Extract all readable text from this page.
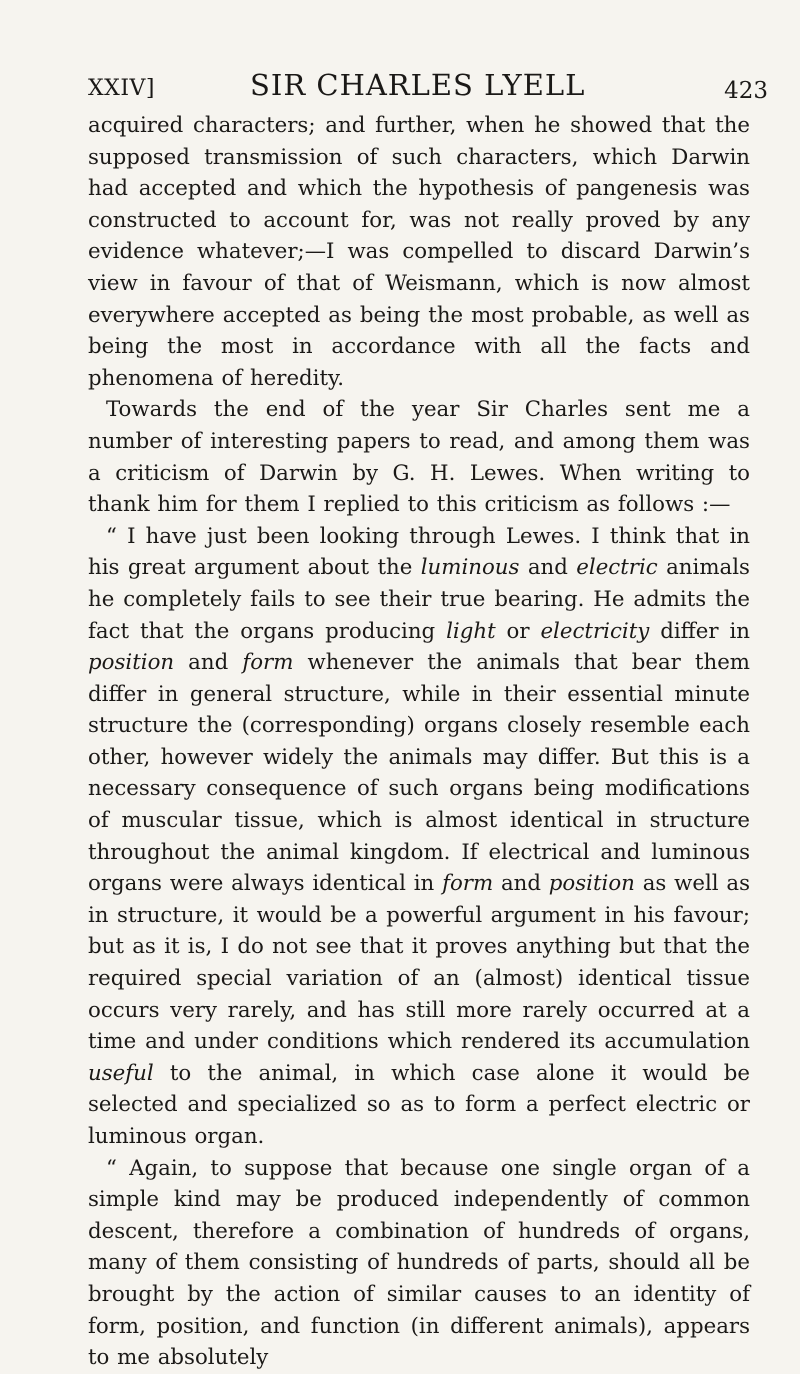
XXIV]	SIR CHARLES LYELL	423

acquired characters; and further, when he showed that the supposed transmission of such characters, which Darwin had accepted and which the hypothesis of pangenesis was constructed to account for, was not really proved by any evidence whatever;—I was compelled to discard Darwin’s view in favour of that of Weismann, which is now almost everywhere accepted as being the most probable, as well as being the most in accordance with all the facts and phenomena of heredity.

Towards the end of the year Sir Charles sent me a number of interesting papers to read, and among them was a criticism of Darwin by G. H. Lewes. When writing to thank him for them I replied to this criticism as follows :—

“ I have just been looking through Lewes. I think that in his great argument about the luminous and electric animals he completely fails to see their true bearing. He admits the fact that the organs producing light or electricity differ in position and form whenever the animals that bear them differ in general structure, while in their essential minute structure the (corresponding) organs closely resemble each other, however widely the animals may differ. But this is a necessary consequence of such organs being modifications of muscular tissue, which is almost identical in structure throughout the animal kingdom. If electrical and luminous organs were always identical in form and position as well as in structure, it would be a powerful argument in his favour; but as it is, I do not see that it proves anything but that the required special variation of an (almost) identical tissue occurs very rarely, and has still more rarely occurred at a time and under conditions which rendered its accumulation useful to the animal, in which case alone it would be selected and specialized so as to form a perfect electric or luminous organ.

“ Again, to suppose that because one single organ of a simple kind may be produced independently of common descent, therefore a combination of hundreds of organs, many of them consisting of hundreds of parts, should all be brought by the action of similar causes to an identity of form, position, and function (in different animals), appears to me absolutely
